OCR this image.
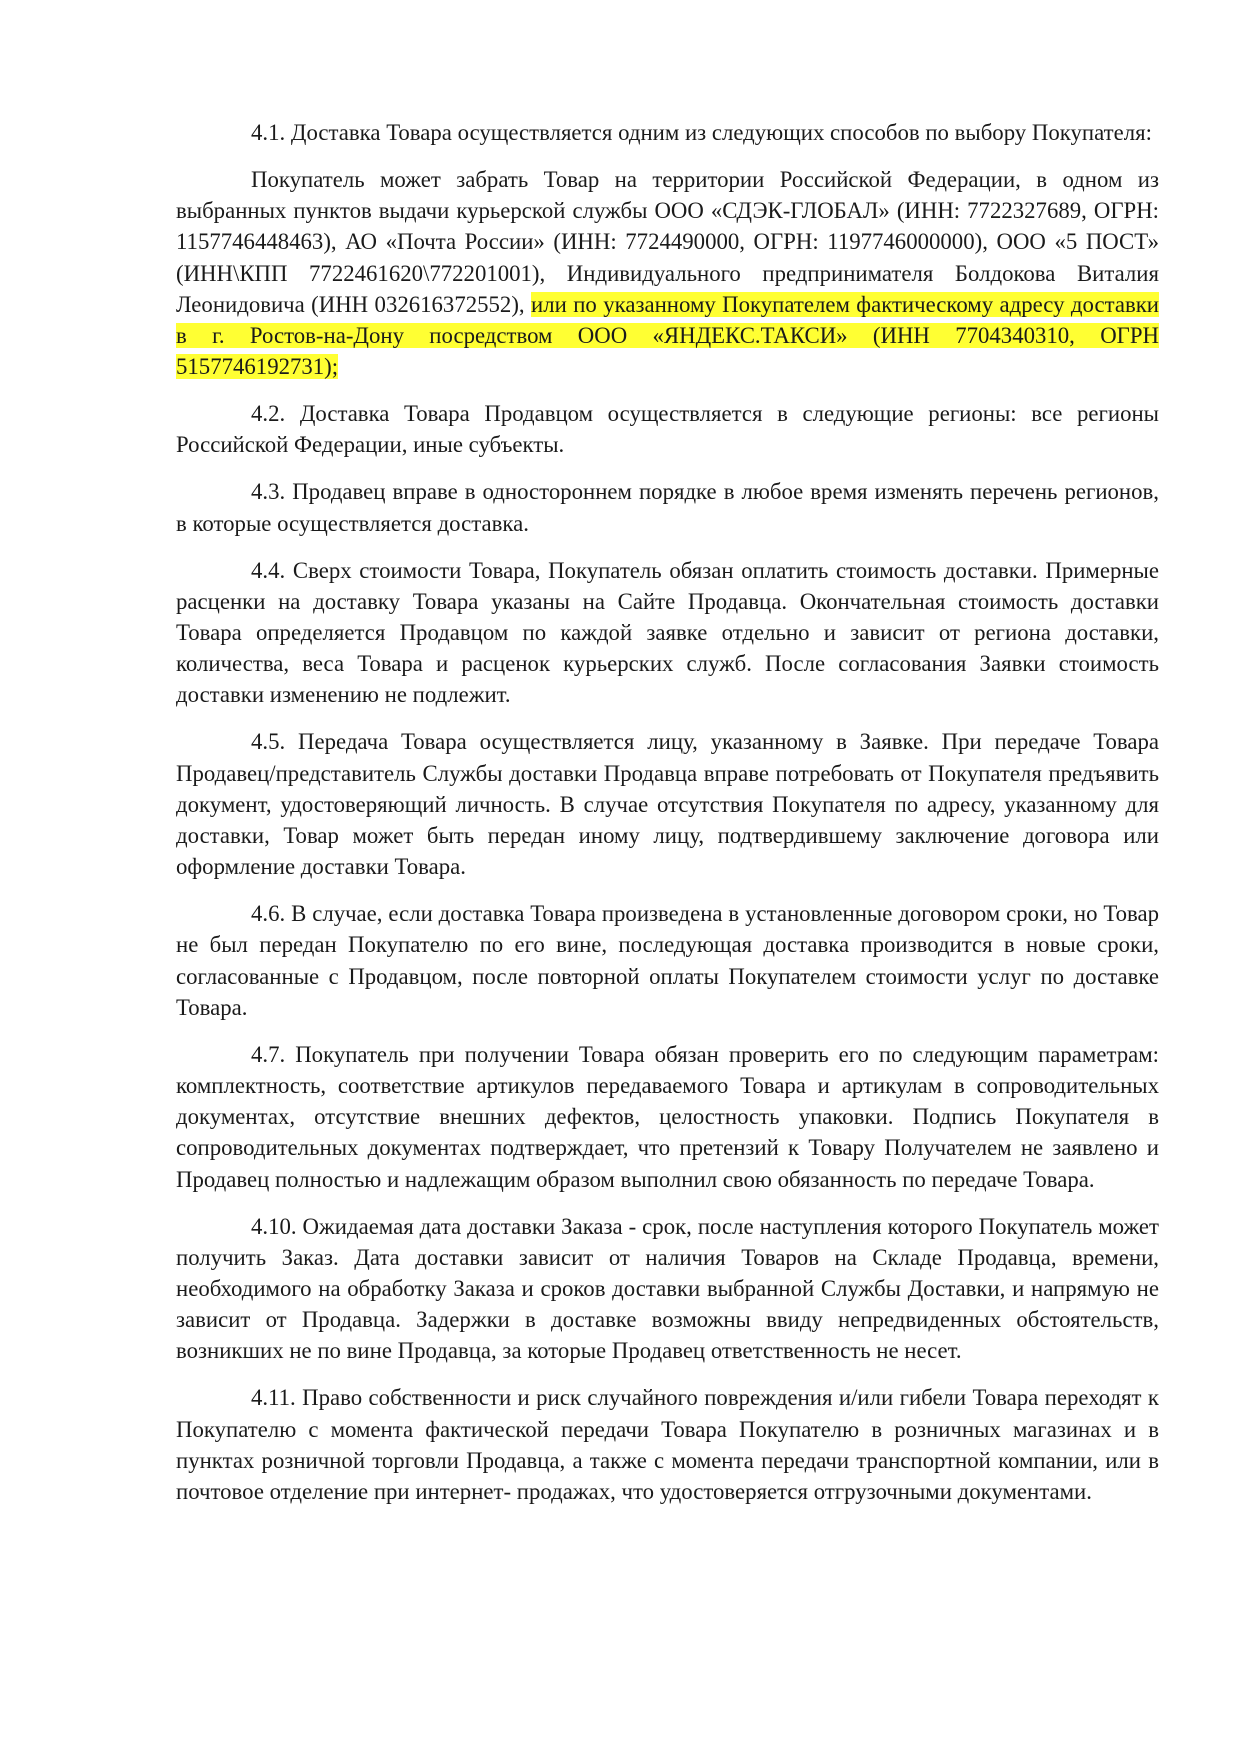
4.1. Доставка Товара осуществляется одним из следующих способов по выбору Покупателя:

Покупатель может забрать Товар на территории Российской Федерации, в одном из выбранных пунктов выдачи курьерской службы ООО «СДЭК-ГЛОБАЛ» (ИНН: 7722327689, ОГРН: 1157746448463), АО «Почта России» (ИНН: 7724490000, ОГРН: 1197746000000), ООО «5 ПОСТ» (ИНН\КПП 7722461620\772201001), Индивидуального предпринимателя Болдокова Виталия Леонидовича (ИНН 032616372552), или по указанному Покупателем фактическому адресу доставки в г. Ростов-на-Дону посредством ООО «ЯНДЕКС.ТАКСИ» (ИНН 7704340310, ОГРН 5157746192731);

4.2. Доставка Товара Продавцом осуществляется в следующие регионы: все регионы Российской Федерации, иные субъекты.

4.3. Продавец вправе в одностороннем порядке в любое время изменять перечень регионов, в которые осуществляется доставка.

4.4. Сверх стоимости Товара, Покупатель обязан оплатить стоимость доставки. Примерные расценки на доставку Товара указаны на Сайте Продавца. Окончательная стоимость доставки Товара определяется Продавцом по каждой заявке отдельно и зависит от региона доставки, количества, веса Товара и расценок курьерских служб. После согласования Заявки стоимость доставки изменению не подлежит.

4.5. Передача Товара осуществляется лицу, указанному в Заявке. При передаче Товара Продавец/представитель Службы доставки Продавца вправе потребовать от Покупателя предъявить документ, удостоверяющий личность. В случае отсутствия Покупателя по адресу, указанному для доставки, Товар может быть передан иному лицу, подтвердившему заключение договора или оформление доставки Товара.

4.6. В случае, если доставка Товара произведена в установленные договором сроки, но Товар не был передан Покупателю по его вине, последующая доставка производится в новые сроки, согласованные с Продавцом, после повторной оплаты Покупателем стоимости услуг по доставке Товара.

4.7. Покупатель при получении Товара обязан проверить его по следующим параметрам: комплектность, соответствие артикулов передаваемого Товара и артикулам в сопроводительных документах, отсутствие внешних дефектов, целостность упаковки. Подпись Покупателя в сопроводительных документах подтверждает, что претензий к Товару Получателем не заявлено и Продавец полностью и надлежащим образом выполнил свою обязанность по передаче Товара.

4.10. Ожидаемая дата доставки Заказа - срок, после наступления которого Покупатель может получить Заказ. Дата доставки зависит от наличия Товаров на Складе Продавца, времени, необходимого на обработку Заказа и сроков доставки выбранной Службы Доставки, и напрямую не зависит от Продавца. Задержки в доставке возможны ввиду непредвиденных обстоятельств, возникших не по вине Продавца, за которые Продавец ответственность не несет.

4.11. Право собственности и риск случайного повреждения и/или гибели Товара переходят к Покупателю с момента фактической передачи Товара Покупателю в розничных магазинах и в пунктах розничной торговли Продавца, а также с момента передачи транспортной компании, или в почтовое отделение при интернет- продажах, что удостоверяется отгрузочными документами.
